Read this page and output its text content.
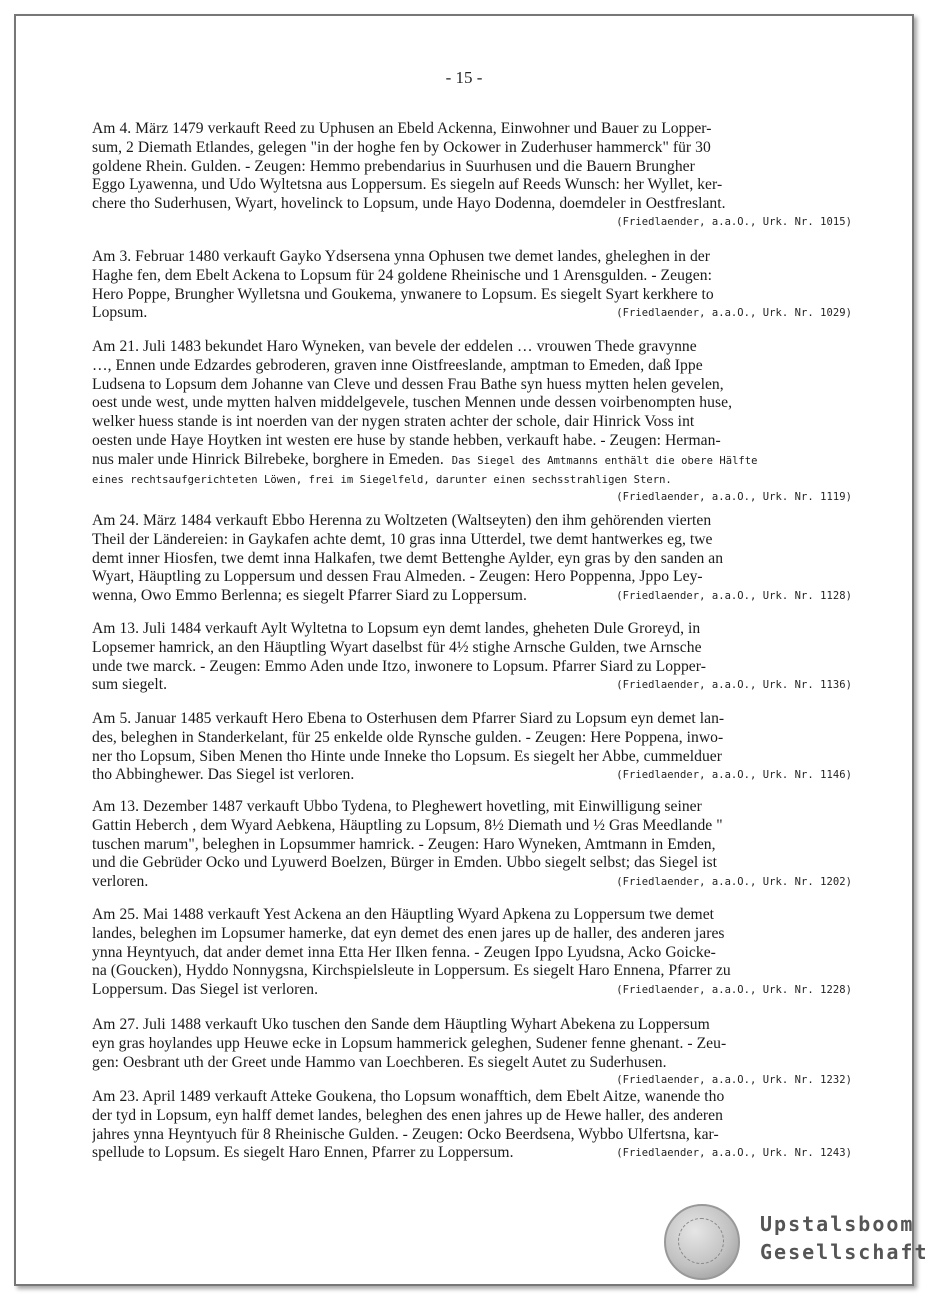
- 15 -
Am 4. März 1479 verkauft Reed zu Uphusen an Ebeld Ackenna, Einwohner und Bauer zu Lopper-
sum, 2 Diemath Etlandes, gelegen "in der hoghe fen by Ockower in Zuderhuser hammerck" für 30
goldene Rhein. Gulden. - Zeugen: Hemmo prebendarius in Suurhusen und die Bauern Brungher
Eggo Lyawenna, und Udo Wyltetsna aus Loppersum. Es siegeln auf Reeds Wunsch: her Wyllet, ker-
chere tho Suderhusen, Wyart, hovelinck to Lopsum, unde Hayo Dodenna, doemdeler in Oestfreslant.
(Friedlaender, a.a.O., Urk. Nr. 1015)
Am 3. Februar 1480 verkauft Gayko Ydsersena ynna Ophusen twe demet landes, gheleghen in der
Haghe fen, dem Ebelt Ackena to Lopsum für 24 goldene Rheinische und 1 Arensgulden. - Zeugen:
Hero Poppe, Brungher Wylletsna und Goukema, ynwanere to Lopsum. Es siegelt Syart kerkhere to
Lopsum.	(Friedlaender, a.a.O., Urk. Nr. 1029)
Am 21. Juli 1483 bekundet Haro Wyneken, van bevele der eddelen … vrouwen Thede gravynne
…, Ennen unde Edzardes gebroderen, graven inne Oistfreeslande, amptman to Emeden, daß Ippe
Ludsena to Lopsum dem Johanne van Cleve und dessen Frau Bathe syn huess mytten helen gevelen,
oest unde west, unde mytten halven middelgevele, tuschen Mennen unde dessen voirbenompten huse,
welker huess stande is int noerden van der nygen straten achter der schole, dair Hinrick Voss int
oesten unde Haye Hoytken int westen ere huse by stande hebben, verkauft habe. - Zeugen: Herman-
nus maler unde Hinrick Bilrebeke, borghere in Emeden. Das Siegel des Amtmanns enthält die obere Hälfte
eines rechtsaufgerichteten Löwen, frei im Siegelfeld, darunter einen sechsstrahligen Stern.
(Friedlaender, a.a.O., Urk. Nr. 1119)
Am 24. März 1484 verkauft Ebbo Herenna zu Woltzeten (Waltseyten) den ihm gehörenden vierten
Theil der Ländereien: in Gaykafen achte demt, 10 gras inna Utterdel, twe demt hantwerkes eg, twe
demt inner Hiosfen, twe demt inna Halkafen, twe demt Bettenghe Aylder, eyn gras by den sanden an
Wyart, Häuptling zu Loppersum und dessen Frau Almeden. - Zeugen: Hero Poppenna, Jppo Ley-
wenna, Owo Emmo Berlenna; es siegelt Pfarrer Siard zu Loppersum.	(Friedlaender, a.a.O., Urk. Nr. 1128)
Am 13. Juli 1484 verkauft Aylt Wyltetna to Lopsum eyn demt landes, gheheten Dule Groreyd, in
Lopsemer hamrick, an den Häuptling Wyart daselbst für 4½ stighe Arnsche Gulden, twe Arnsche
unde twe marck. - Zeugen: Emmo Aden unde Itzo, inwonere to Lopsum. Pfarrer Siard zu Lopper-
sum siegelt.	(Friedlaender, a.a.O., Urk. Nr. 1136)
Am 5. Januar 1485 verkauft Hero Ebena to Osterhusen dem Pfarrer Siard zu Lopsum eyn demet lan-
des, beleghen in Standerkelant, für 25 enkelde olde Rynsche gulden. - Zeugen: Here Poppena, inwo-
ner tho Lopsum, Siben Menen tho Hinte unde Inneke tho Lopsum. Es siegelt her Abbe, cummelduer
tho Abbinghewer. Das Siegel ist verloren.	(Friedlaender, a.a.O., Urk. Nr. 1146)
Am 13. Dezember 1487 verkauft Ubbo Tydena, to Pleghewert hovetling, mit Einwilligung seiner
Gattin Heberch , dem Wyard Aebkena, Häuptling zu Lopsum, 8½ Diemath und ½ Gras Meedlande "
tuschen marum", beleghen in Lopsummer hamrick. - Zeugen: Haro Wyneken, Amtmann in Emden,
und die Gebrüder Ocko und Lyuwerd Boelzen, Bürger in Emden. Ubbo siegelt selbst; das Siegel ist
verloren.	(Friedlaender, a.a.O., Urk. Nr. 1202)
Am 25. Mai 1488 verkauft Yest Ackena an den Häuptling Wyard Apkena zu Loppersum twe demet
landes, beleghen im Lopsumer hamerke, dat eyn demet des enen jares up de haller, des anderen jares
ynna Heyntyuch, dat ander demet inna Etta Her Ilken fenna. - Zeugen Ippo Lyudsna, Acko Goicke-
na (Goucken), Hyddo Nonnygsna, Kirchspielsleute in Loppersum. Es siegelt Haro Ennena, Pfarrer zu
Loppersum. Das Siegel ist verloren.	(Friedlaender, a.a.O., Urk. Nr. 1228)
Am 27. Juli 1488 verkauft Uko tuschen den Sande dem Häuptling Wyhart Abekena zu Loppersum
eyn gras hoylandes upp Heuwe ecke in Lopsum hammerick geleghen, Sudener fenne ghenant. - Zeu-
gen: Oesbrant uth der Greet unde Hammo van Loechberen. Es siegelt Autet zu Suderhusen.
(Friedlaender, a.a.O., Urk. Nr. 1232)
Am 23. April 1489 verkauft Atteke Goukena, tho Lopsum wonafftich, dem Ebelt Aitze, wanende tho
der tyd in Lopsum, eyn halff demet landes, beleghen des enen jahres up de Hewe haller, des anderen
jahres ynna Heyntyuch für 8 Rheinische Gulden. - Zeugen: Ocko Beerdsena, Wybbo Ulfertsna, kar-
spellude to Lopsum. Es siegelt Haro Ennen, Pfarrer zu Loppersum.	(Friedlaender, a.a.O., Urk. Nr. 1243)
Upstalsboom
Gesellschaft
